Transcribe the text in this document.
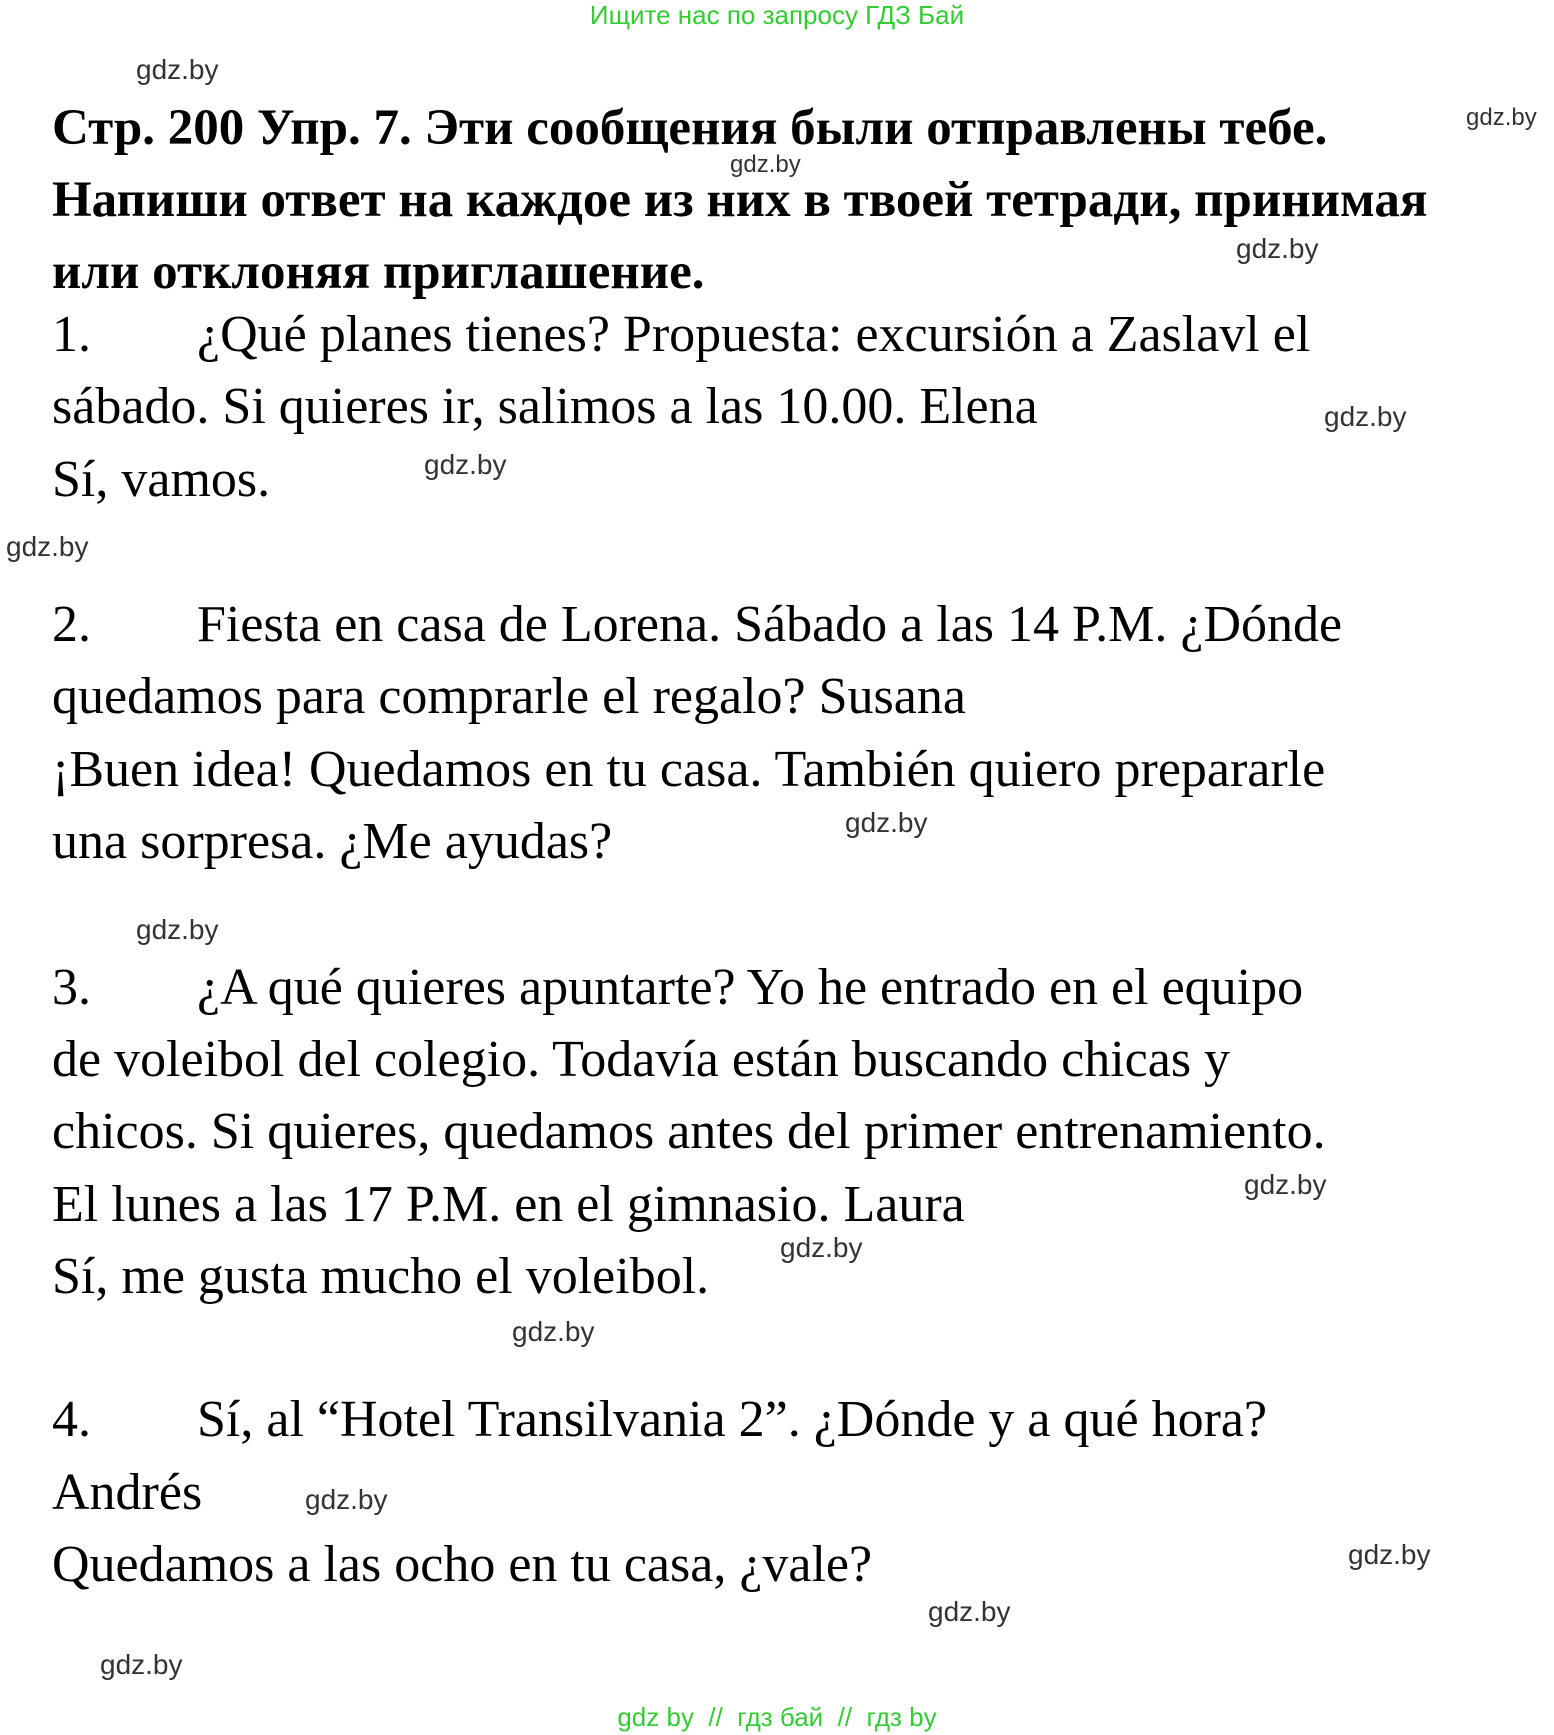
Ищите нас по запросу ГДЗ Бай
Стр. 200 Упр. 7. Эти сообщения были отправлены тебе. Напиши ответ на каждое из них в твоей тетради, принимая или отклоняя приглашение.
1. ¿Qué planes tienes? Propuesta: excursión a Zaslavl el
sábado. Si quieres ir, salimos a las 10.00. Elena
Sí, vamos.
2. Fiesta en casa de Lorena. Sábado a las 14 P.M. ¿Dónde
quedamos para comprarle el regalo? Susana
¡Buen idea! Quedamos en tu casa. También quiero prepararle
una sorpresa. ¿Me ayudas?
3. ¿A qué quieres apuntarte? Yo he entrado en el equipo
de voleibol del colegio. Todavía están buscando chicas y
chicos. Si quieres, quedamos antes del primer entrenamiento.
El lunes a las 17 P.M. en el gimnasio. Laura
Sí, me gusta mucho el voleibol.
4. Sí, al “Hotel Transilvania 2”. ¿Dónde y a qué hora?
Andrés
Quedamos a las ocho en tu casa, ¿vale?
gdz.by
gdz.by
gdz.by
gdz.by
gdz.by
gdz.by
gdz.by
gdz.by
gdz.by
gdz.by
gdz.by
gdz.by
gdz.by
gdz.by
gdz.by
gdz.by
gdz by  //  гдз бай  //  гдз by
